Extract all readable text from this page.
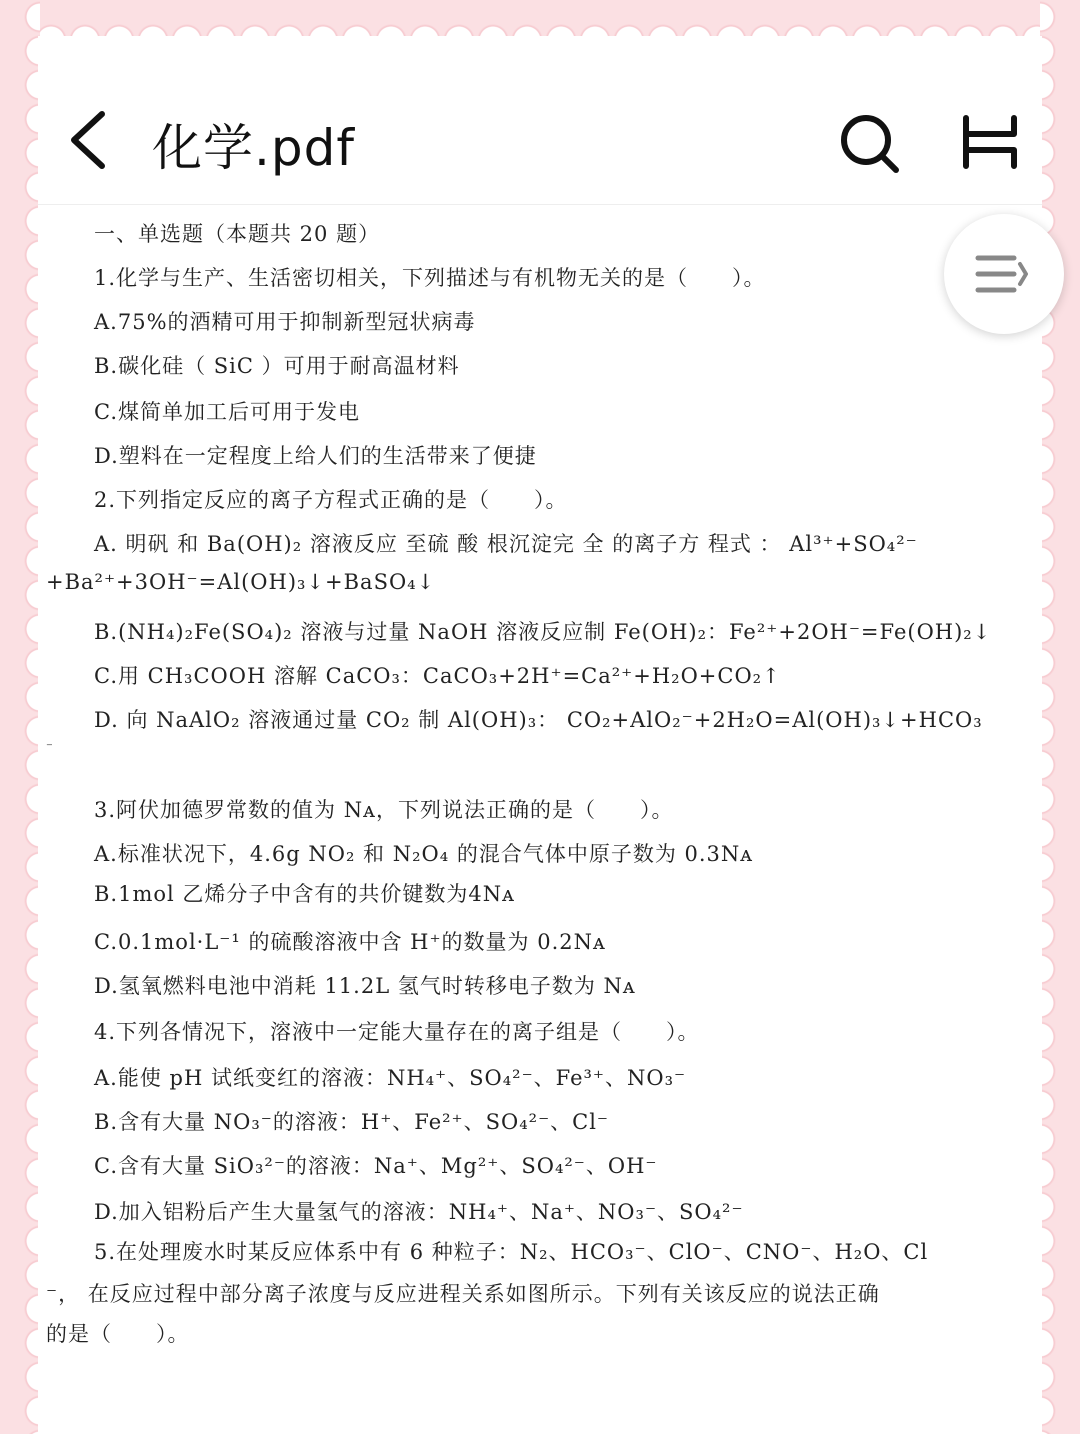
化学.pdf
一、单选题（本题共 20 题）
1.化学与生产、生活密切相关，下列描述与有机物无关的是（　　）。
A.75%的酒精可用于抑制新型冠状病毒
B.碳化硅（ SiC ）可用于耐高温材料
C.煤简单加工后可用于发电
D.塑料在一定程度上给人们的生活带来了便捷
2.下列指定反应的离子方程式正确的是（　　）。
A. 明矾 和 Ba(OH)₂ 溶液反应 至硫 酸 根沉淀完 全 的离子方 程式 ： Al³⁺+SO₄²⁻
+Ba²⁺+3OH⁻=Al(OH)₃↓+BaSO₄↓
B.(NH₄)₂Fe(SO₄)₂ 溶液与过量 NaOH 溶液反应制 Fe(OH)₂：Fe²⁺+2OH⁻=Fe(OH)₂↓
C.用 CH₃COOH 溶解 CaCO₃：CaCO₃+2H⁺=Ca²⁺+H₂O+CO₂↑
D. 向 NaAlO₂ 溶液通过量 CO₂ 制 Al(OH)₃： CO₂+AlO₂⁻+2H₂O=Al(OH)₃↓+HCO₃
⁻
3.阿伏加德罗常数的值为 Nᴀ，下列说法正确的是（　　）。
A.标准状况下，4.6g NO₂ 和 N₂O₄ 的混合气体中原子数为 0.3Nᴀ
B.1mol 乙烯分子中含有的共价键数为4Nᴀ
C.0.1mol·L⁻¹ 的硫酸溶液中含 H⁺的数量为 0.2Nᴀ
D.氢氧燃料电池中消耗 11.2L 氢气时转移电子数为 Nᴀ
4.下列各情况下，溶液中一定能大量存在的离子组是（　　）。
A.能使 pH 试纸变红的溶液：NH₄⁺、SO₄²⁻、Fe³⁺、NO₃⁻
B.含有大量 NO₃⁻的溶液：H⁺、Fe²⁺、SO₄²⁻、Cl⁻
C.含有大量 SiO₃²⁻的溶液：Na⁺、Mg²⁺、SO₄²⁻、OH⁻
D.加入铝粉后产生大量氢气的溶液：NH₄⁺、Na⁺、NO₃⁻、SO₄²⁻
5.在处理废水时某反应体系中有 6 种粒子：N₂、HCO₃⁻、ClO⁻、CNO⁻、H₂O、Cl
⁻， 在反应过程中部分离子浓度与反应进程关系如图所示。下列有关该反应的说法正确
的是（　　）。
